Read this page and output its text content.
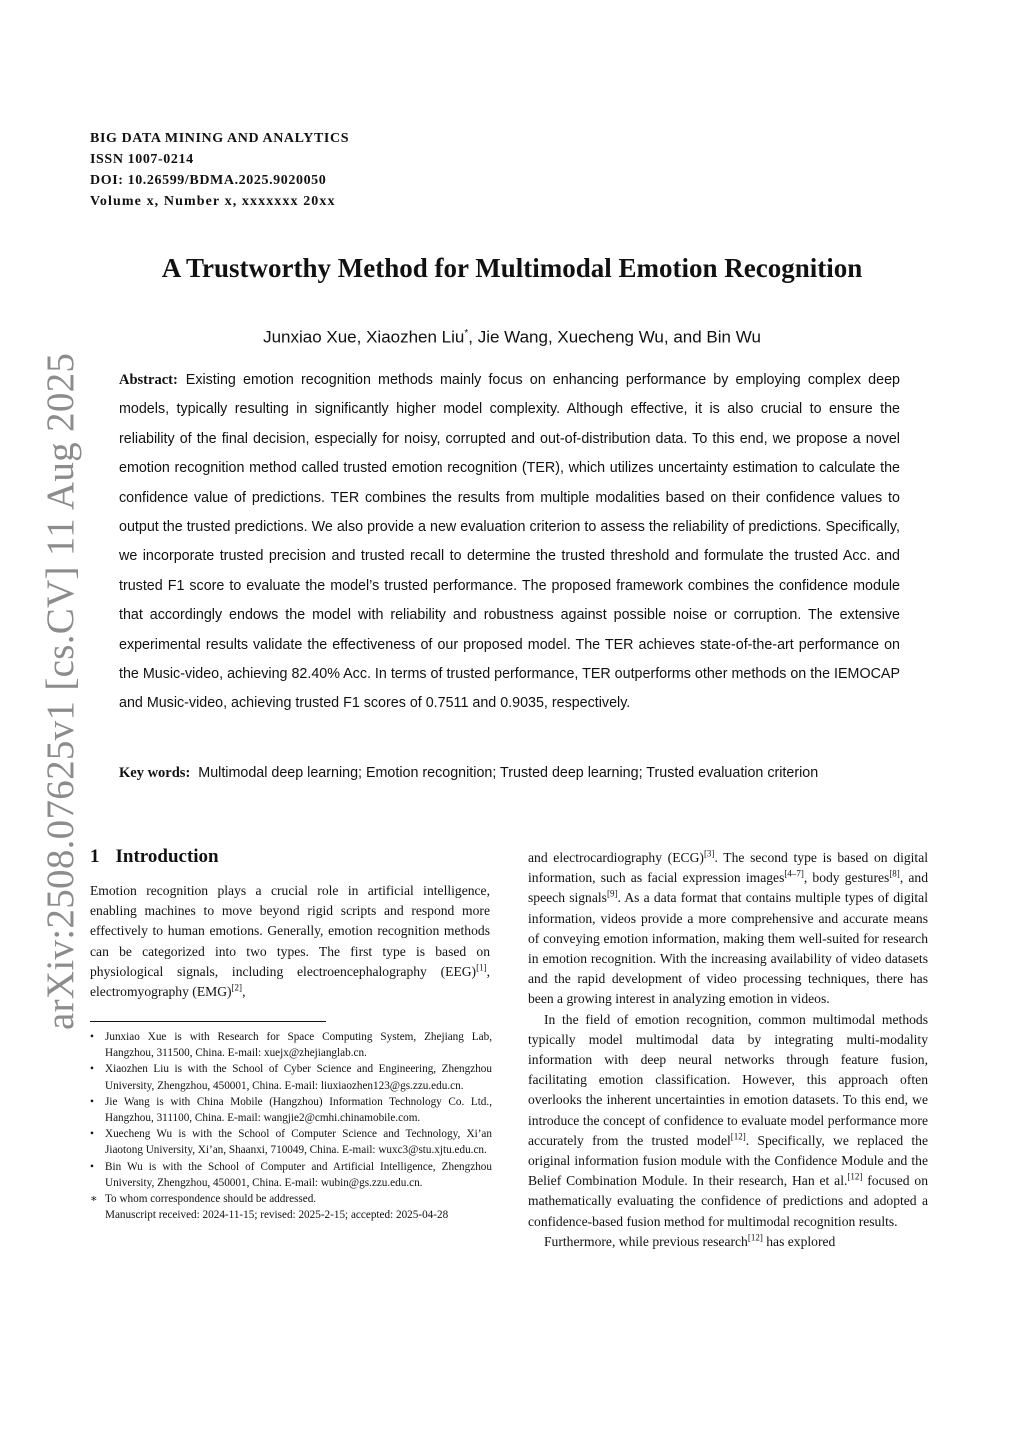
BIG DATA MINING AND ANALYTICS
ISSN 1007-0214
DOI: 10.26599/BDMA.2025.9020050
Volume x, Number x, xxxxxxx 20xx
arXiv:2508.07625v1 [cs.CV] 11 Aug 2025
A Trustworthy Method for Multimodal Emotion Recognition
Junxiao Xue, Xiaozhen Liu*, Jie Wang, Xuecheng Wu, and Bin Wu
Abstract: Existing emotion recognition methods mainly focus on enhancing performance by employing complex deep models, typically resulting in significantly higher model complexity. Although effective, it is also crucial to ensure the reliability of the final decision, especially for noisy, corrupted and out-of-distribution data. To this end, we propose a novel emotion recognition method called trusted emotion recognition (TER), which utilizes uncertainty estimation to calculate the confidence value of predictions. TER combines the results from multiple modalities based on their confidence values to output the trusted predictions. We also provide a new evaluation criterion to assess the reliability of predictions. Specifically, we incorporate trusted precision and trusted recall to determine the trusted threshold and formulate the trusted Acc. and trusted F1 score to evaluate the model’s trusted performance. The proposed framework combines the confidence module that accordingly endows the model with reliability and robustness against possible noise or corruption. The extensive experimental results validate the effectiveness of our proposed model. The TER achieves state-of-the-art performance on the Music-video, achieving 82.40% Acc. In terms of trusted performance, TER outperforms other methods on the IEMOCAP and Music-video, achieving trusted F1 scores of 0.7511 and 0.9035, respectively.
Key words: Multimodal deep learning; Emotion recognition; Trusted deep learning; Trusted evaluation criterion
1 Introduction
Emotion recognition plays a crucial role in artificial intelligence, enabling machines to move beyond rigid scripts and respond more effectively to human emotions. Generally, emotion recognition methods can be categorized into two types. The first type is based on physiological signals, including electroencephalography (EEG)[1], electromyography (EMG)[2],
• Junxiao Xue is with Research for Space Computing System, Zhejiang Lab, Hangzhou, 311500, China. E-mail: xuejx@zhejianglab.cn.
• Xiaozhen Liu is with the School of Cyber Science and Engineering, Zhengzhou University, Zhengzhou, 450001, China. E-mail: liuxiaozhen123@gs.zzu.edu.cn.
• Jie Wang is with China Mobile (Hangzhou) Information Technology Co. Ltd., Hangzhou, 311100, China. E-mail: wangjie2@cmhi.chinamobile.com.
• Xuecheng Wu is with the School of Computer Science and Technology, Xi’an Jiaotong University, Xi’an, Shaanxi, 710049, China. E-mail: wuxc3@stu.xjtu.edu.cn.
• Bin Wu is with the School of Computer and Artificial Intelligence, Zhengzhou University, Zhengzhou, 450001, China. E-mail: wubin@gs.zzu.edu.cn.
∗ To whom correspondence should be addressed.
Manuscript received: 2024-11-15; revised: 2025-2-15; accepted: 2025-04-28

and electrocardiography (ECG)[3]. The second type is based on digital information, such as facial expression images[4–7], body gestures[8], and speech signals[9]. As a data format that contains multiple types of digital information, videos provide a more comprehensive and accurate means of conveying emotion information, making them well-suited for research in emotion recognition. With the increasing availability of video datasets and the rapid development of video processing techniques, there has been a growing interest in analyzing emotion in videos.

In the field of emotion recognition, common multimodal methods typically model multimodal data by integrating multi-modality information with deep neural networks through feature fusion, facilitating emotion classification. However, this approach often overlooks the inherent uncertainties in emotion datasets. To this end, we introduce the concept of confidence to evaluate model performance more accurately from the trusted model[12]. Specifically, we replaced the original information fusion module with the Confidence Module and the Belief Combination Module. In their research, Han et al.[12] focused on mathematically evaluating the confidence of predictions and adopted a confidence-based fusion method for multimodal recognition results.

Furthermore, while previous research[12] has explored
